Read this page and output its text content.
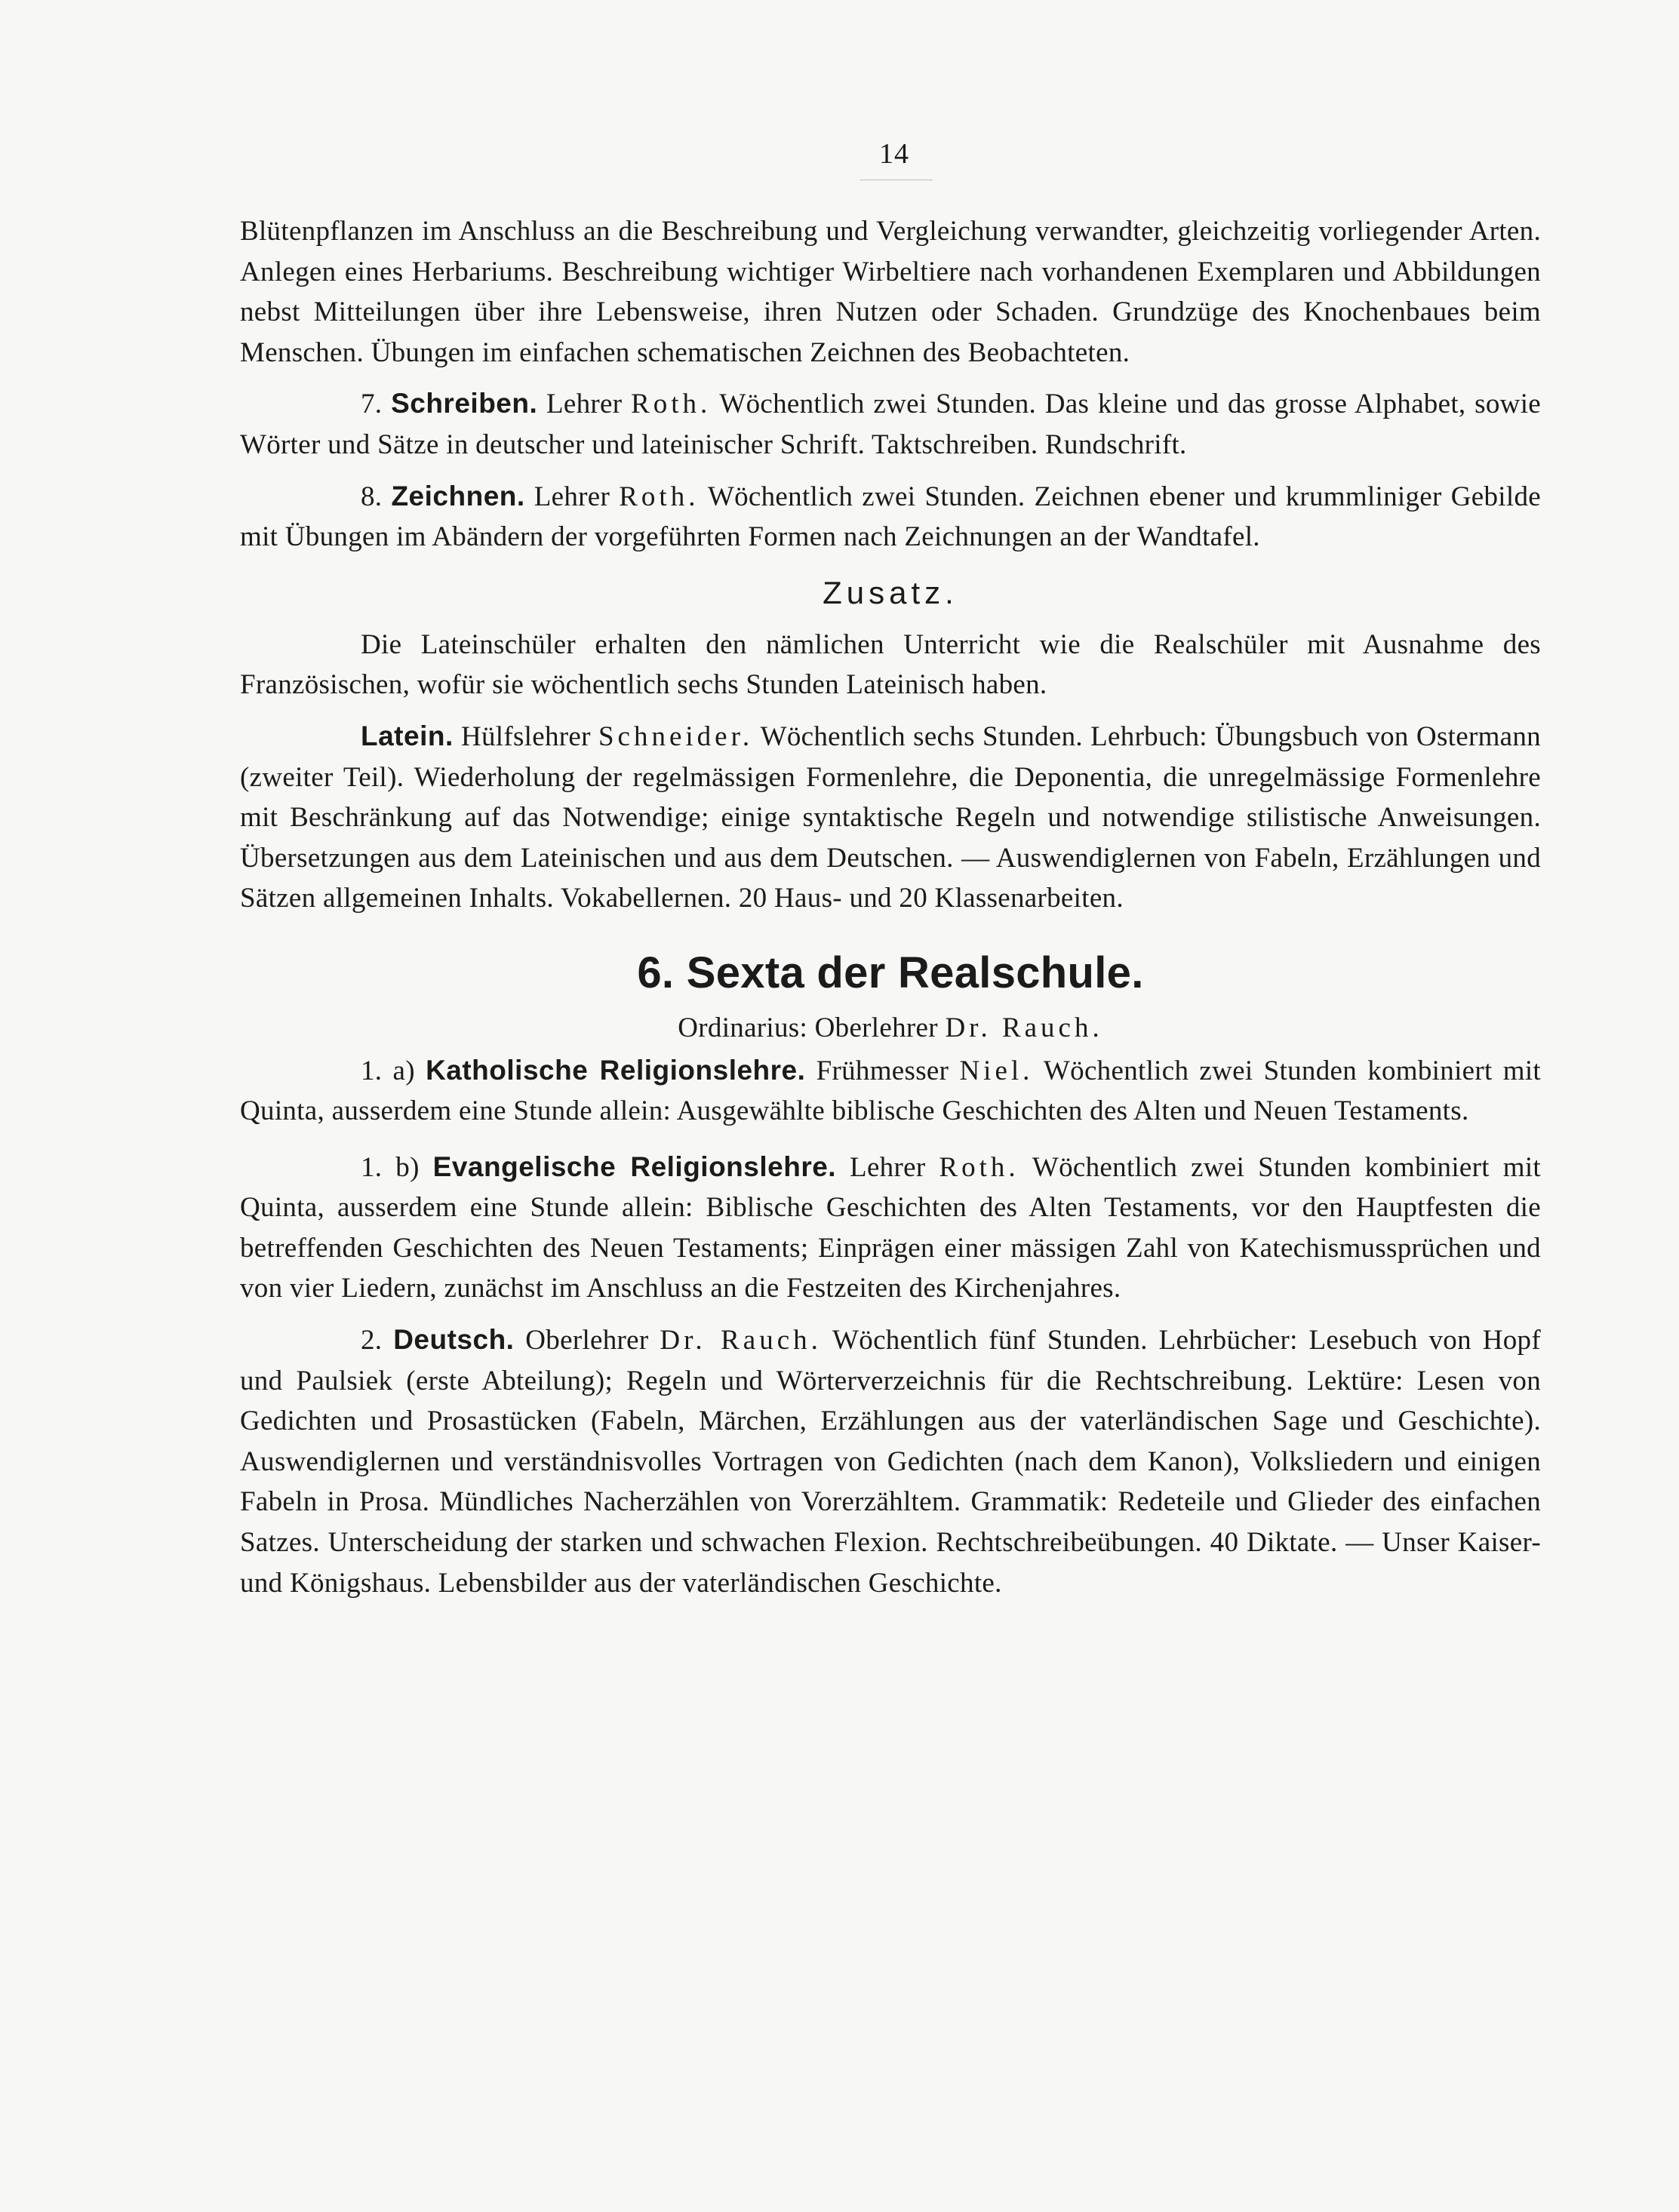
14

Blütenpflanzen im Anschluss an die Beschreibung und Vergleichung verwandter, gleichzeitig vorliegender Arten. Anlegen eines Herbariums. Beschreibung wichtiger Wirbeltiere nach vorhandenen Exemplaren und Abbildungen nebst Mitteilungen über ihre Lebensweise, ihren Nutzen oder Schaden. Grundzüge des Knochenbaues beim Menschen. Übungen im einfachen schematischen Zeichnen des Beobachteten.

7. Schreiben. Lehrer Roth. Wöchentlich zwei Stunden. Das kleine und das grosse Alphabet, sowie Wörter und Sätze in deutscher und lateinischer Schrift. Taktschreiben. Rundschrift.

8. Zeichnen. Lehrer Roth. Wöchentlich zwei Stunden. Zeichnen ebener und krummliniger Gebilde mit Übungen im Abändern der vorgeführten Formen nach Zeichnungen an der Wandtafel.

Zusatz.

Die Lateinschüler erhalten den nämlichen Unterricht wie die Realschüler mit Ausnahme des Französischen, wofür sie wöchentlich sechs Stunden Lateinisch haben.

Latein. Hülfslehrer Schneider. Wöchentlich sechs Stunden. Lehrbuch: Übungsbuch von Ostermann (zweiter Teil). Wiederholung der regelmässigen Formenlehre, die Deponentia, die unregelmässige Formenlehre mit Beschränkung auf das Notwendige; einige syntaktische Regeln und notwendige stilistische Anweisungen. Übersetzungen aus dem Lateinischen und aus dem Deutschen. — Auswendiglernen von Fabeln, Erzählungen und Sätzen allgemeinen Inhalts. Vokabellernen. 20 Haus- und 20 Klassenarbeiten.

6. Sexta der Realschule.

Ordinarius: Oberlehrer Dr. Rauch.

1. a) Katholische Religionslehre. Frühmesser Niel. Wöchentlich zwei Stunden kombiniert mit Quinta, ausserdem eine Stunde allein: Ausgewählte biblische Geschichten des Alten und Neuen Testaments.

1. b) Evangelische Religionslehre. Lehrer Roth. Wöchentlich zwei Stunden kombiniert mit Quinta, ausserdem eine Stunde allein: Biblische Geschichten des Alten Testaments, vor den Hauptfesten die betreffenden Geschichten des Neuen Testaments; Einprägen einer mässigen Zahl von Katechismussprüchen und von vier Liedern, zunächst im Anschluss an die Festzeiten des Kirchenjahres.

2. Deutsch. Oberlehrer Dr. Rauch. Wöchentlich fünf Stunden. Lehrbücher: Lesebuch von Hopf und Paulsiek (erste Abteilung); Regeln und Wörterverzeichnis für die Rechtschreibung. Lektüre: Lesen von Gedichten und Prosastücken (Fabeln, Märchen, Erzählungen aus der vaterländischen Sage und Geschichte). Auswendiglernen und verständnisvolles Vortragen von Gedichten (nach dem Kanon), Volksliedern und einigen Fabeln in Prosa. Mündliches Nacherzählen von Vorerzähltem. Grammatik: Redeteile und Glieder des einfachen Satzes. Unterscheidung der starken und schwachen Flexion. Rechtschreibeübungen. 40 Diktate. — Unser Kaiser- und Königshaus. Lebensbilder aus der vaterländischen Geschichte.
